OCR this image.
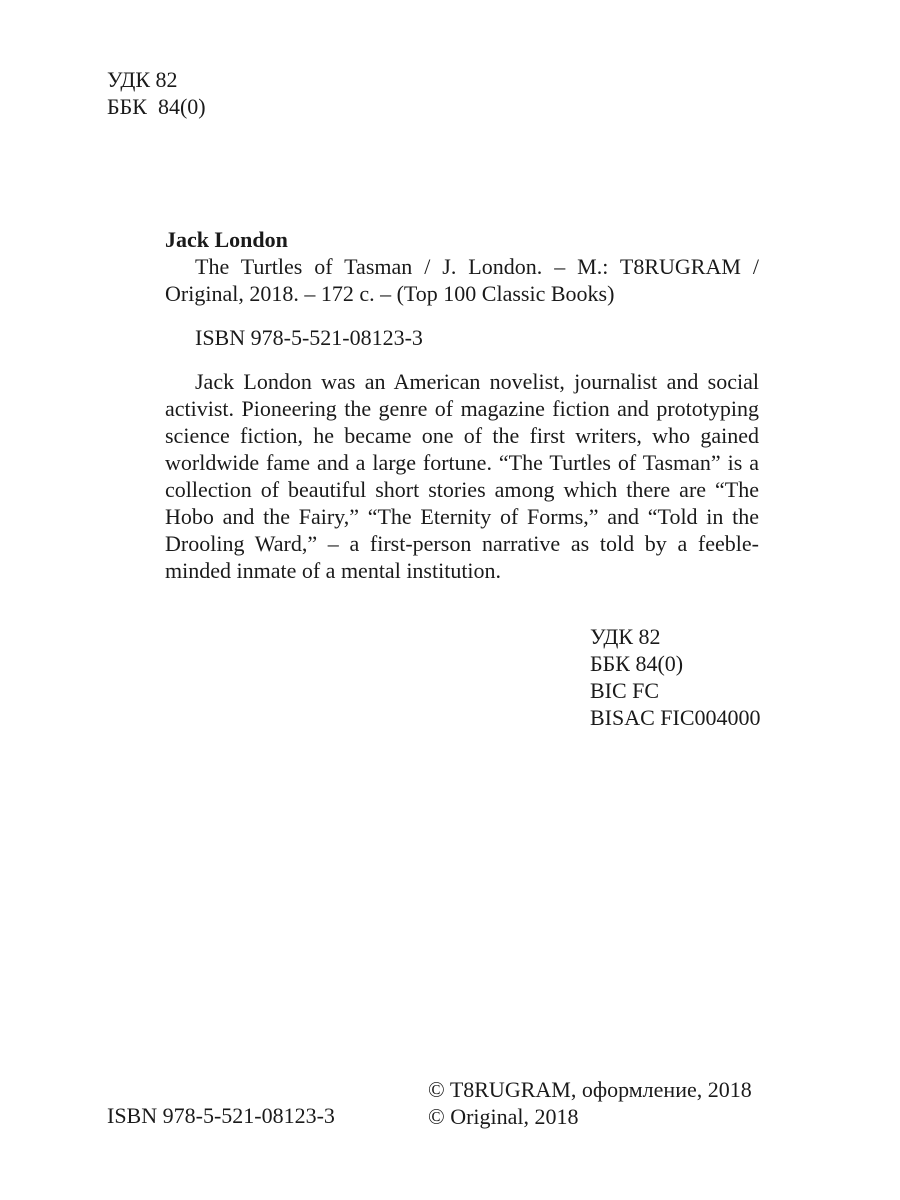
УДК 82
ББК  84(0)
Jack London

The Turtles of Tasman / J. London. – M.: T8RUGRAM / Original, 2018. – 172 c. – (Top 100 Classic Books)

ISBN 978-5-521-08123-3

Jack London was an American novelist, journalist and social activist. Pioneering the genre of magazine fiction and prototyping science fiction, he became one of the first writers, who gained worldwide fame and a large fortune. “The Turtles of Tasman” is a collection of beautiful short stories among which there are “The Hobo and the Fairy,” “The Eternity of Forms,” and “Told in the Drooling Ward,” – a first-person narrative as told by a feeble-minded inmate of a mental institution.

УДК 82
ББК 84(0)
BIC FC
BISAC FIC004000
ISBN 978-5-521-08123-3
© T8RUGRAM, оформление, 2018
© Original, 2018
